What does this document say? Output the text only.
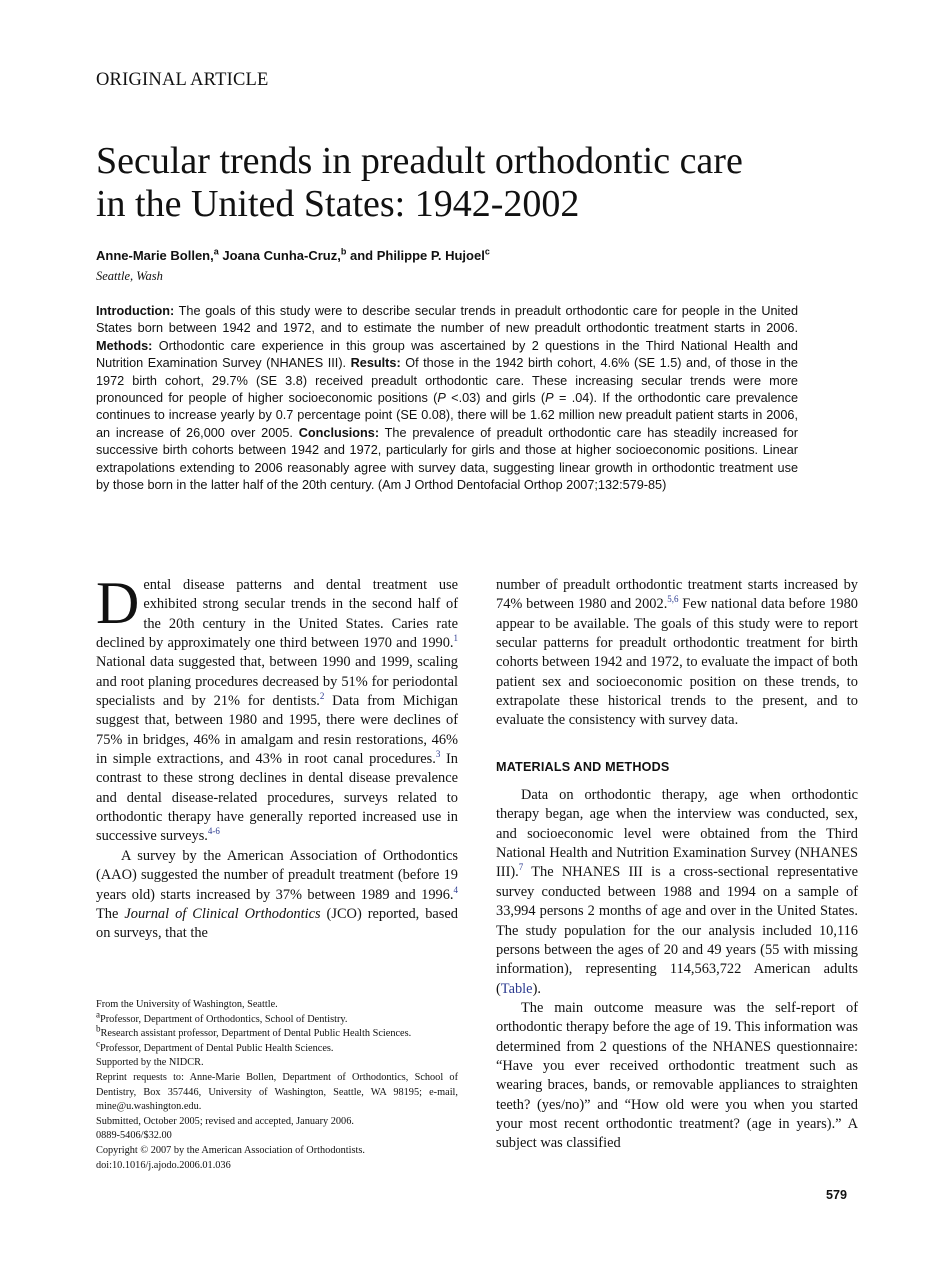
ORIGINAL ARTICLE
Secular trends in preadult orthodontic care
in the United States: 1942-2002
Anne-Marie Bollen,$^a$ Joana Cunha-Cruz,$^b$ and Philippe P. Hujoel$^c$
Seattle, Wash
Introduction: The goals of this study were to describe secular trends in preadult orthodontic care for people in the United States born between 1942 and 1972, and to estimate the number of new preadult orthodontic treatment starts in 2006. Methods: Orthodontic care experience in this group was ascertained by 2 questions in the Third National Health and Nutrition Examination Survey (NHANES III). Results: Of those in the 1942 birth cohort, 4.6% (SE 1.5) and, of those in the 1972 birth cohort, 29.7% (SE 3.8) received preadult orthodontic care. These increasing secular trends were more pronounced for people of higher socioeconomic positions (P <.03) and girls (P = .04). If the orthodontic care prevalence continues to increase yearly by 0.7 percentage point (SE 0.08), there will be 1.62 million new preadult patient starts in 2006, an increase of 26,000 over 2005. Conclusions: The prevalence of preadult orthodontic care has steadily increased for successive birth cohorts between 1942 and 1972, particularly for girls and those at higher socioeconomic positions. Linear extrapolations extending to 2006 reasonably agree with survey data, suggesting linear growth in orthodontic treatment use by those born in the latter half of the 20th century. (Am J Orthod Dentofacial Orthop 2007;132:579-85)

Dental disease patterns and dental treatment use exhibited strong secular trends in the second half of the 20th century in the United States. Caries rate declined by approximately one third between 1970 and 1990.$^1$ National data suggested that, between 1990 and 1999, scaling and root planing procedures decreased by 51% for periodontal specialists and by 21% for dentists.$^2$ Data from Michigan suggest that, between 1980 and 1995, there were declines of 75% in bridges, 46% in amalgam and resin restorations, 46% in simple extractions, and 43% in root canal procedures.$^3$ In contrast to these strong declines in dental disease prevalence and dental disease-related procedures, surveys related to orthodontic therapy have generally reported increased use in successive surveys.$^{4-6}$

A survey by the American Association of Orthodontics (AAO) suggested the number of preadult treatment (before 19 years old) starts increased by 37% between 1989 and 1996.$^4$ The Journal of Clinical Orthodontics (JCO) reported, based on surveys, that the

From the University of Washington, Seattle.
$^a$Professor, Department of Orthodontics, School of Dentistry.
$^b$Research assistant professor, Department of Dental Public Health Sciences.
$^c$Professor, Department of Dental Public Health Sciences.
Supported by the NIDCR.
Reprint requests to: Anne-Marie Bollen, Department of Orthodontics, School of Dentistry, Box 357446, University of Washington, Seattle, WA 98195; e-mail, mine@u.washington.edu.
Submitted, October 2005; revised and accepted, January 2006.
0889-5406/$32.00
Copyright © 2007 by the American Association of Orthodontists.
doi:10.1016/j.ajodo.2006.01.036

number of preadult orthodontic treatment starts increased by 74% between 1980 and 2002.$^{5,6}$ Few national data before 1980 appear to be available. The goals of this study were to report secular patterns for preadult orthodontic treatment for birth cohorts between 1942 and 1972, to evaluate the impact of both patient sex and socioeconomic position on these trends, to extrapolate these historical trends to the present, and to evaluate the consistency with survey data.

MATERIALS AND METHODS

Data on orthodontic therapy, age when orthodontic therapy began, age when the interview was conducted, sex, and socioeconomic level were obtained from the Third National Health and Nutrition Examination Survey (NHANES III).$^7$ The NHANES III is a cross-sectional representative survey conducted between 1988 and 1994 on a sample of 33,994 persons 2 months of age and over in the United States. The study population for the our analysis included 10,116 persons between the ages of 20 and 49 years (55 with missing information), representing 114,563,722 American adults (Table).

The main outcome measure was the self-report of orthodontic therapy before the age of 19. This information was determined from 2 questions of the NHANES questionnaire: “Have you ever received orthodontic treatment such as wearing braces, bands, or removable appliances to straighten teeth? (yes/no)” and “How old were you when you started your most recent orthodontic treatment? (age in years).” A subject was classified

579
